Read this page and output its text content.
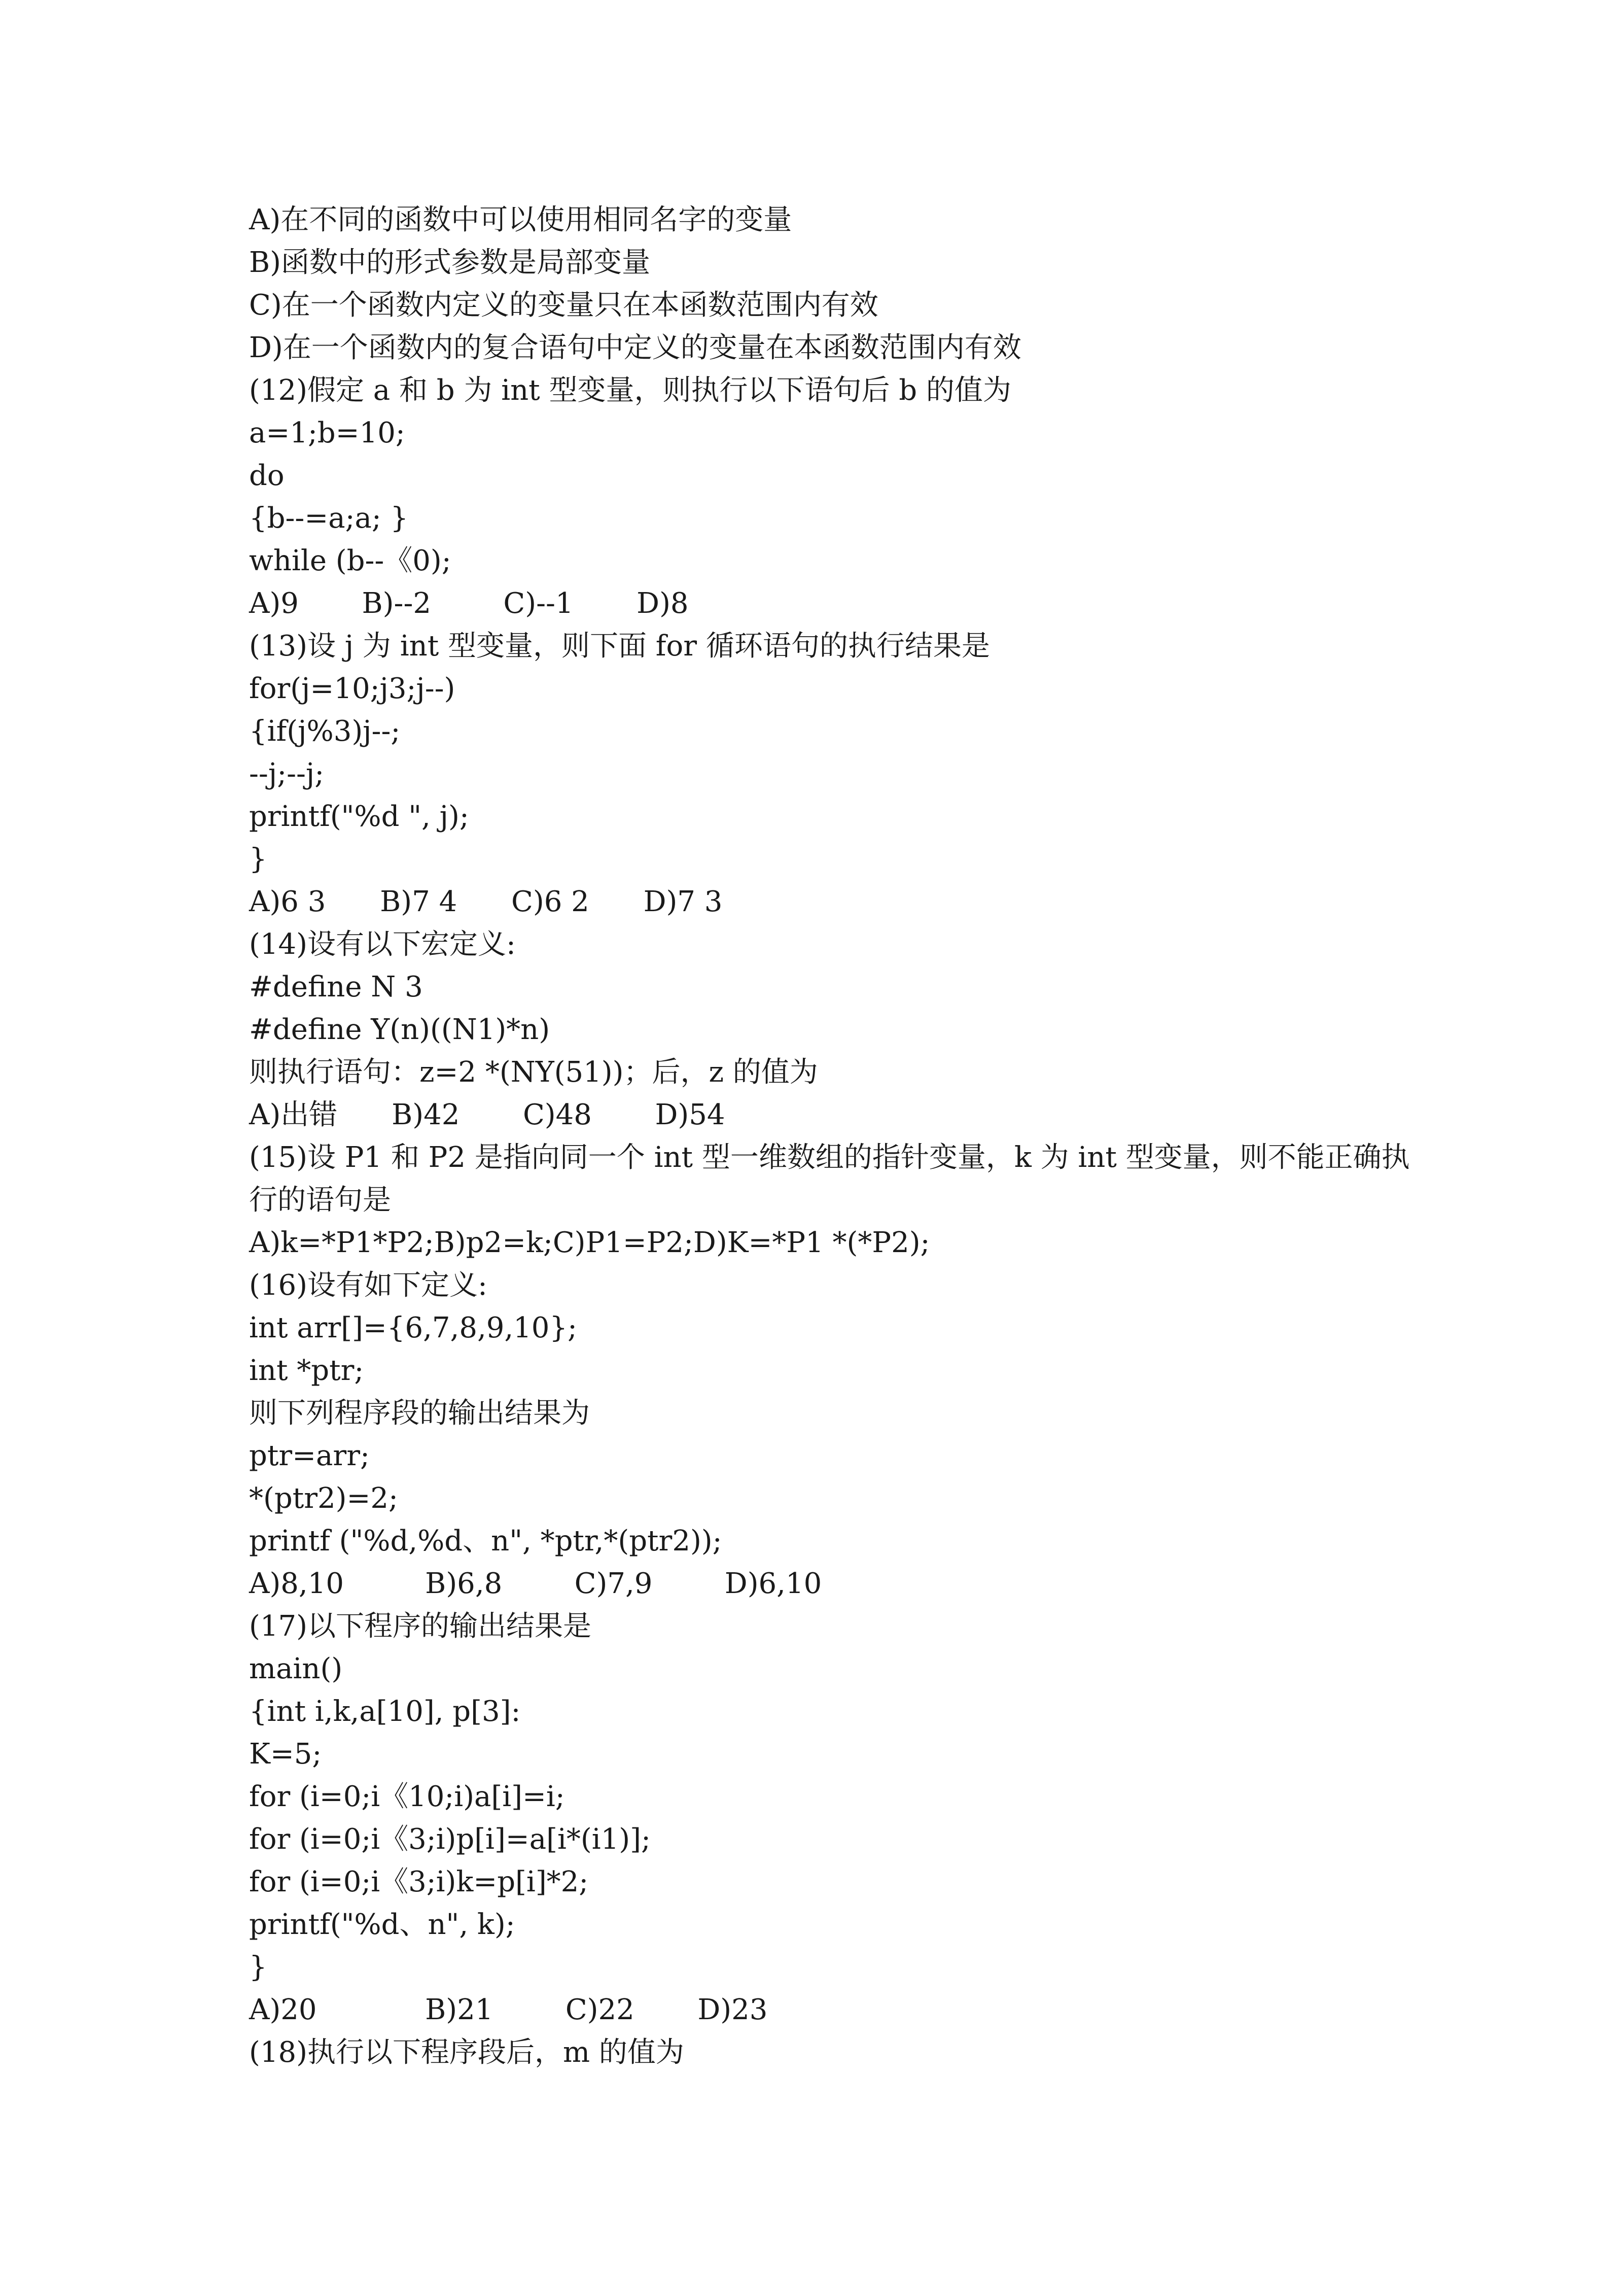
A)在不同的函数中可以使用相同名字的变量
B)函数中的形式参数是局部变量
C)在一个函数内定义的变量只在本函数范围内有效
D)在一个函数内的复合语句中定义的变量在本函数范围内有效
(12)假定 a 和 b 为 int 型变量，则执行以下语句后 b 的值为
a=1;b=10;
do
{b--=a;a; }
while (b--《0);
A)9       B)--2        C)--1       D)8
(13)设 j 为 int 型变量，则下面 for 循环语句的执行结果是
for(j=10;j3;j--)
{if(j%3)j--;
--j;--j;
printf("%d ", j);
}
A)6 3      B)7 4      C)6 2      D)7 3
(14)设有以下宏定义:
#define N 3
#define Y(n)((N1)*n)
则执行语句：z=2 *(NY(51))；后，z 的值为
A)出错      B)42       C)48       D)54
(15)设 P1 和 P2 是指向同一个 int 型一维数组的指针变量，k 为 int 型变量，则不能正确执
行的语句是
A)k=*P1*P2;B)p2=k;C)P1=P2;D)K=*P1 *(*P2);
(16)设有如下定义:
int arr[]={6,7,8,9,10};
int *ptr;
则下列程序段的输出结果为
ptr=arr;
*(ptr2)=2;
printf ("%d,%d、n", *ptr,*(ptr2));
A)8,10         B)6,8        C)7,9        D)6,10
(17)以下程序的输出结果是
main()
{int i,k,a[10], p[3]:
K=5;
for (i=0;i《10;i)a[i]=i;
for (i=0;i《3;i)p[i]=a[i*(i1)];
for (i=0;i《3;i)k=p[i]*2;
printf("%d、n", k);
}
A)20            B)21        C)22       D)23
(18)执行以下程序段后，m 的值为
